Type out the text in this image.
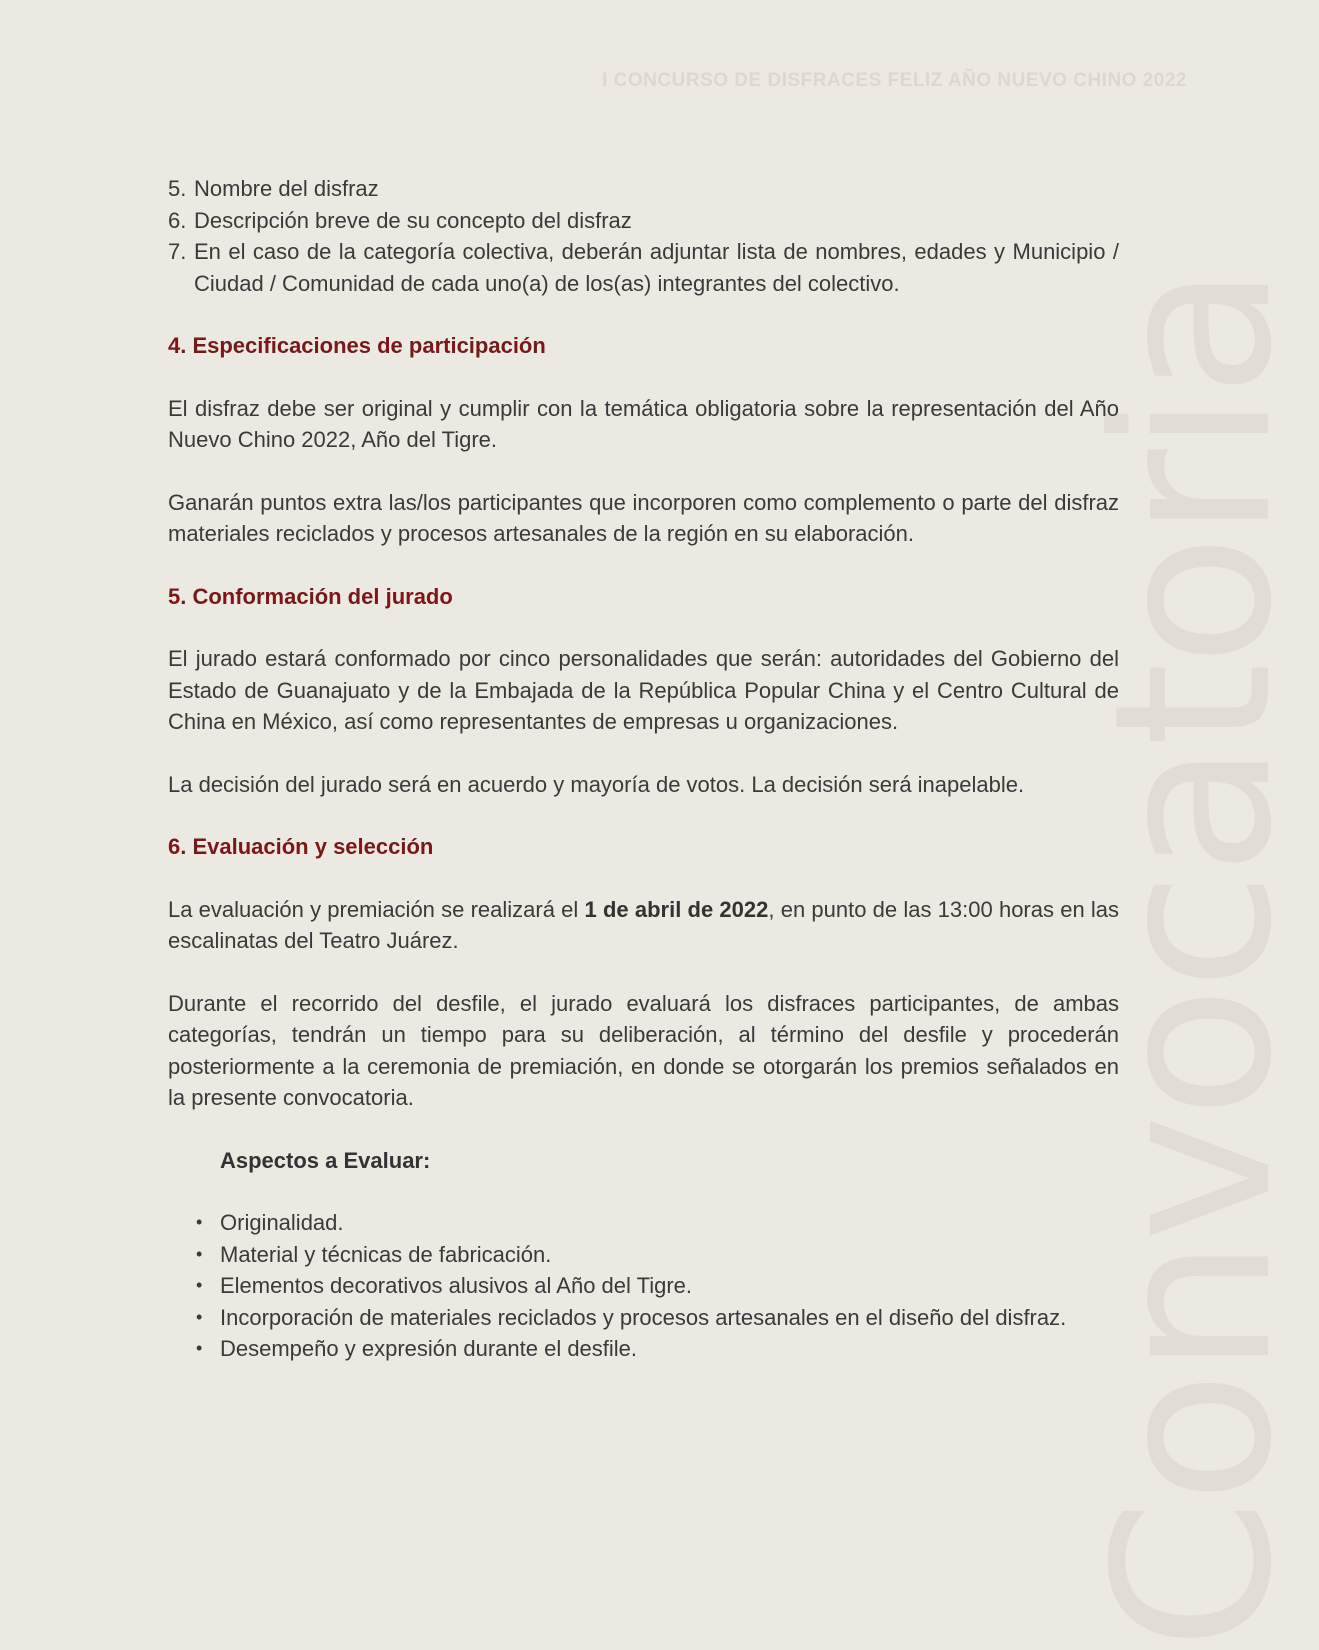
Convocatoria
I CONCURSO DE DISFRACES FELIZ AÑO NUEVO CHINO 2022
5. Nombre del disfraz
6. Descripción breve de su concepto del disfraz
7. En el caso de la categoría colectiva, deberán adjuntar lista de nombres, edades y Municipio / Ciudad / Comunidad de cada uno(a) de los(as) integrantes del colectivo.
4. Especificaciones de participación

El disfraz debe ser original y cumplir con la temática obligatoria sobre la representación del Año Nuevo Chino 2022, Año del Tigre.

Ganarán puntos extra las/los participantes que incorporen como complemento o parte del disfraz materiales reciclados y procesos artesanales de la región en su elaboración.

5. Conformación del jurado

El jurado estará conformado por cinco personalidades que serán: autoridades del Gobierno del Estado de Guanajuato y de la Embajada de la República Popular China y el Centro Cultural de China en México, así como representantes de empresas u organizaciones.

La decisión del jurado será en acuerdo y mayoría de votos. La decisión será inapelable.

6. Evaluación y selección

La evaluación y premiación se realizará el 1 de abril de 2022, en punto de las 13:00 horas en las escalinatas del Teatro Juárez.

Durante el recorrido del desfile, el jurado evaluará los disfraces participantes, de ambas categorías, tendrán un tiempo para su deliberación, al término del desfile y procederán posteriormente a la ceremonia de premiación, en donde se otorgarán los premios señalados en la presente convocatoria.

Aspectos a Evaluar:
• Originalidad.
• Material y técnicas de fabricación.
• Elementos decorativos alusivos al Año del Tigre.
• Incorporación de materiales reciclados y procesos artesanales en el diseño del disfraz.
• Desempeño y expresión durante el desfile.
